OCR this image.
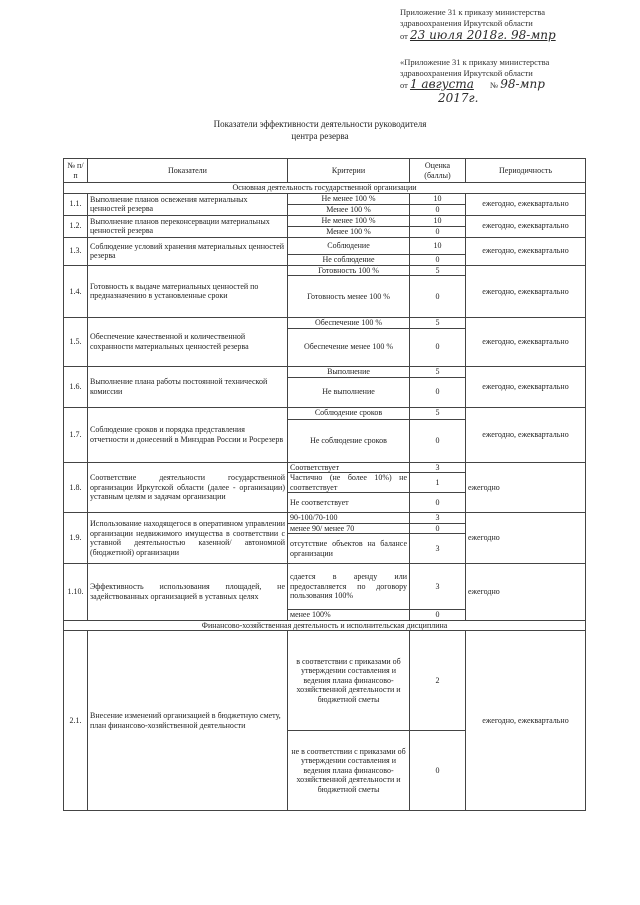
Приложение 31 к приказу министерства
здравоохранения Иркутской области
от 23 июля 2018г. 98-мпр
«Приложение 31 к приказу министерства
здравоохранения Иркутской области
от 1 августа № 98-мпр
2017г.
Показатели эффективности деятельности руководителя
центра резерва
№ п/п	Показатели	Критерии	Оценка (баллы)	Периодичность
Основная деятельность государственной организации				
1.1.	Выполнение планов освежения материальных ценностей резерва	Не менее 100 %	10	ежегодно, ежеквартально
		Менее 100 %	0	
1.2.	Выполнение планов переконсервации материальных ценностей резерва	Не менее 100 %	10	ежегодно, ежеквартально
		Менее 100 %	0	
1.3.	Соблюдение условий хранения материальных ценностей резерва	Соблюдение	10	ежегодно, ежеквартально
		Не соблюдение	0	
1.4.	Готовность к выдаче материальных ценностей по предназначению в установленные сроки	Готовность 100 %	5	ежегодно, ежеквартально
		Готовность менее 100 %	0	
1.5.	Обеспечение качественной и количественной сохранности материальных ценностей резерва	Обеспечение 100 %	5	ежегодно, ежеквартально
		Обеспечение менее 100 %	0	
1.6.	Выполнение плана работы постоянной технической комиссии	Выполнение	5	ежегодно, ежеквартально
		Не выполнение	0	
1.7.	Соблюдение сроков и порядка представления отчетности и донесений в Минздрав России и Росрезерв	Соблюдение сроков	5	ежегодно, ежеквартально
		Не соблюдение сроков	0	
1.8.	Соответствие деятельности государственной организации Иркутской области (далее - организации) уставным целям и задачам организации	Соответствует	3	ежегодно
		Частично (не более 10%) не соответствует	1	
		Не соответствует	0	
1.9.	Использование находящегося в оперативном управлении организации недвижимого имущества в соответствии с уставной деятельностью казенной/ автономной (бюджетной) организации	90-100/70-100	3	ежегодно
		менее 90/ менее 70	0	
		отсутствие объектов на балансе организации	3	
1.10.	Эффективность использования площадей, не задействованных организацией в уставных целях	сдается в аренду или предоставляется по договору пользования 100%	3	ежегодно
		менее 100%	0	
Финансово-хозяйственная деятельность и исполнительская дисциплина				
2.1.	Внесение изменений организацией в бюджетную смету, план финансово-хозяйственной деятельности	в соответствии с приказами об утверждении составления и ведения плана финансово-хозяйственной деятельности и бюджетной сметы	2	ежегодно, ежеквартально
		не в соответствии с приказами об утверждении составления и ведения плана финансово-хозяйственной деятельности и бюджетной сметы	0	
